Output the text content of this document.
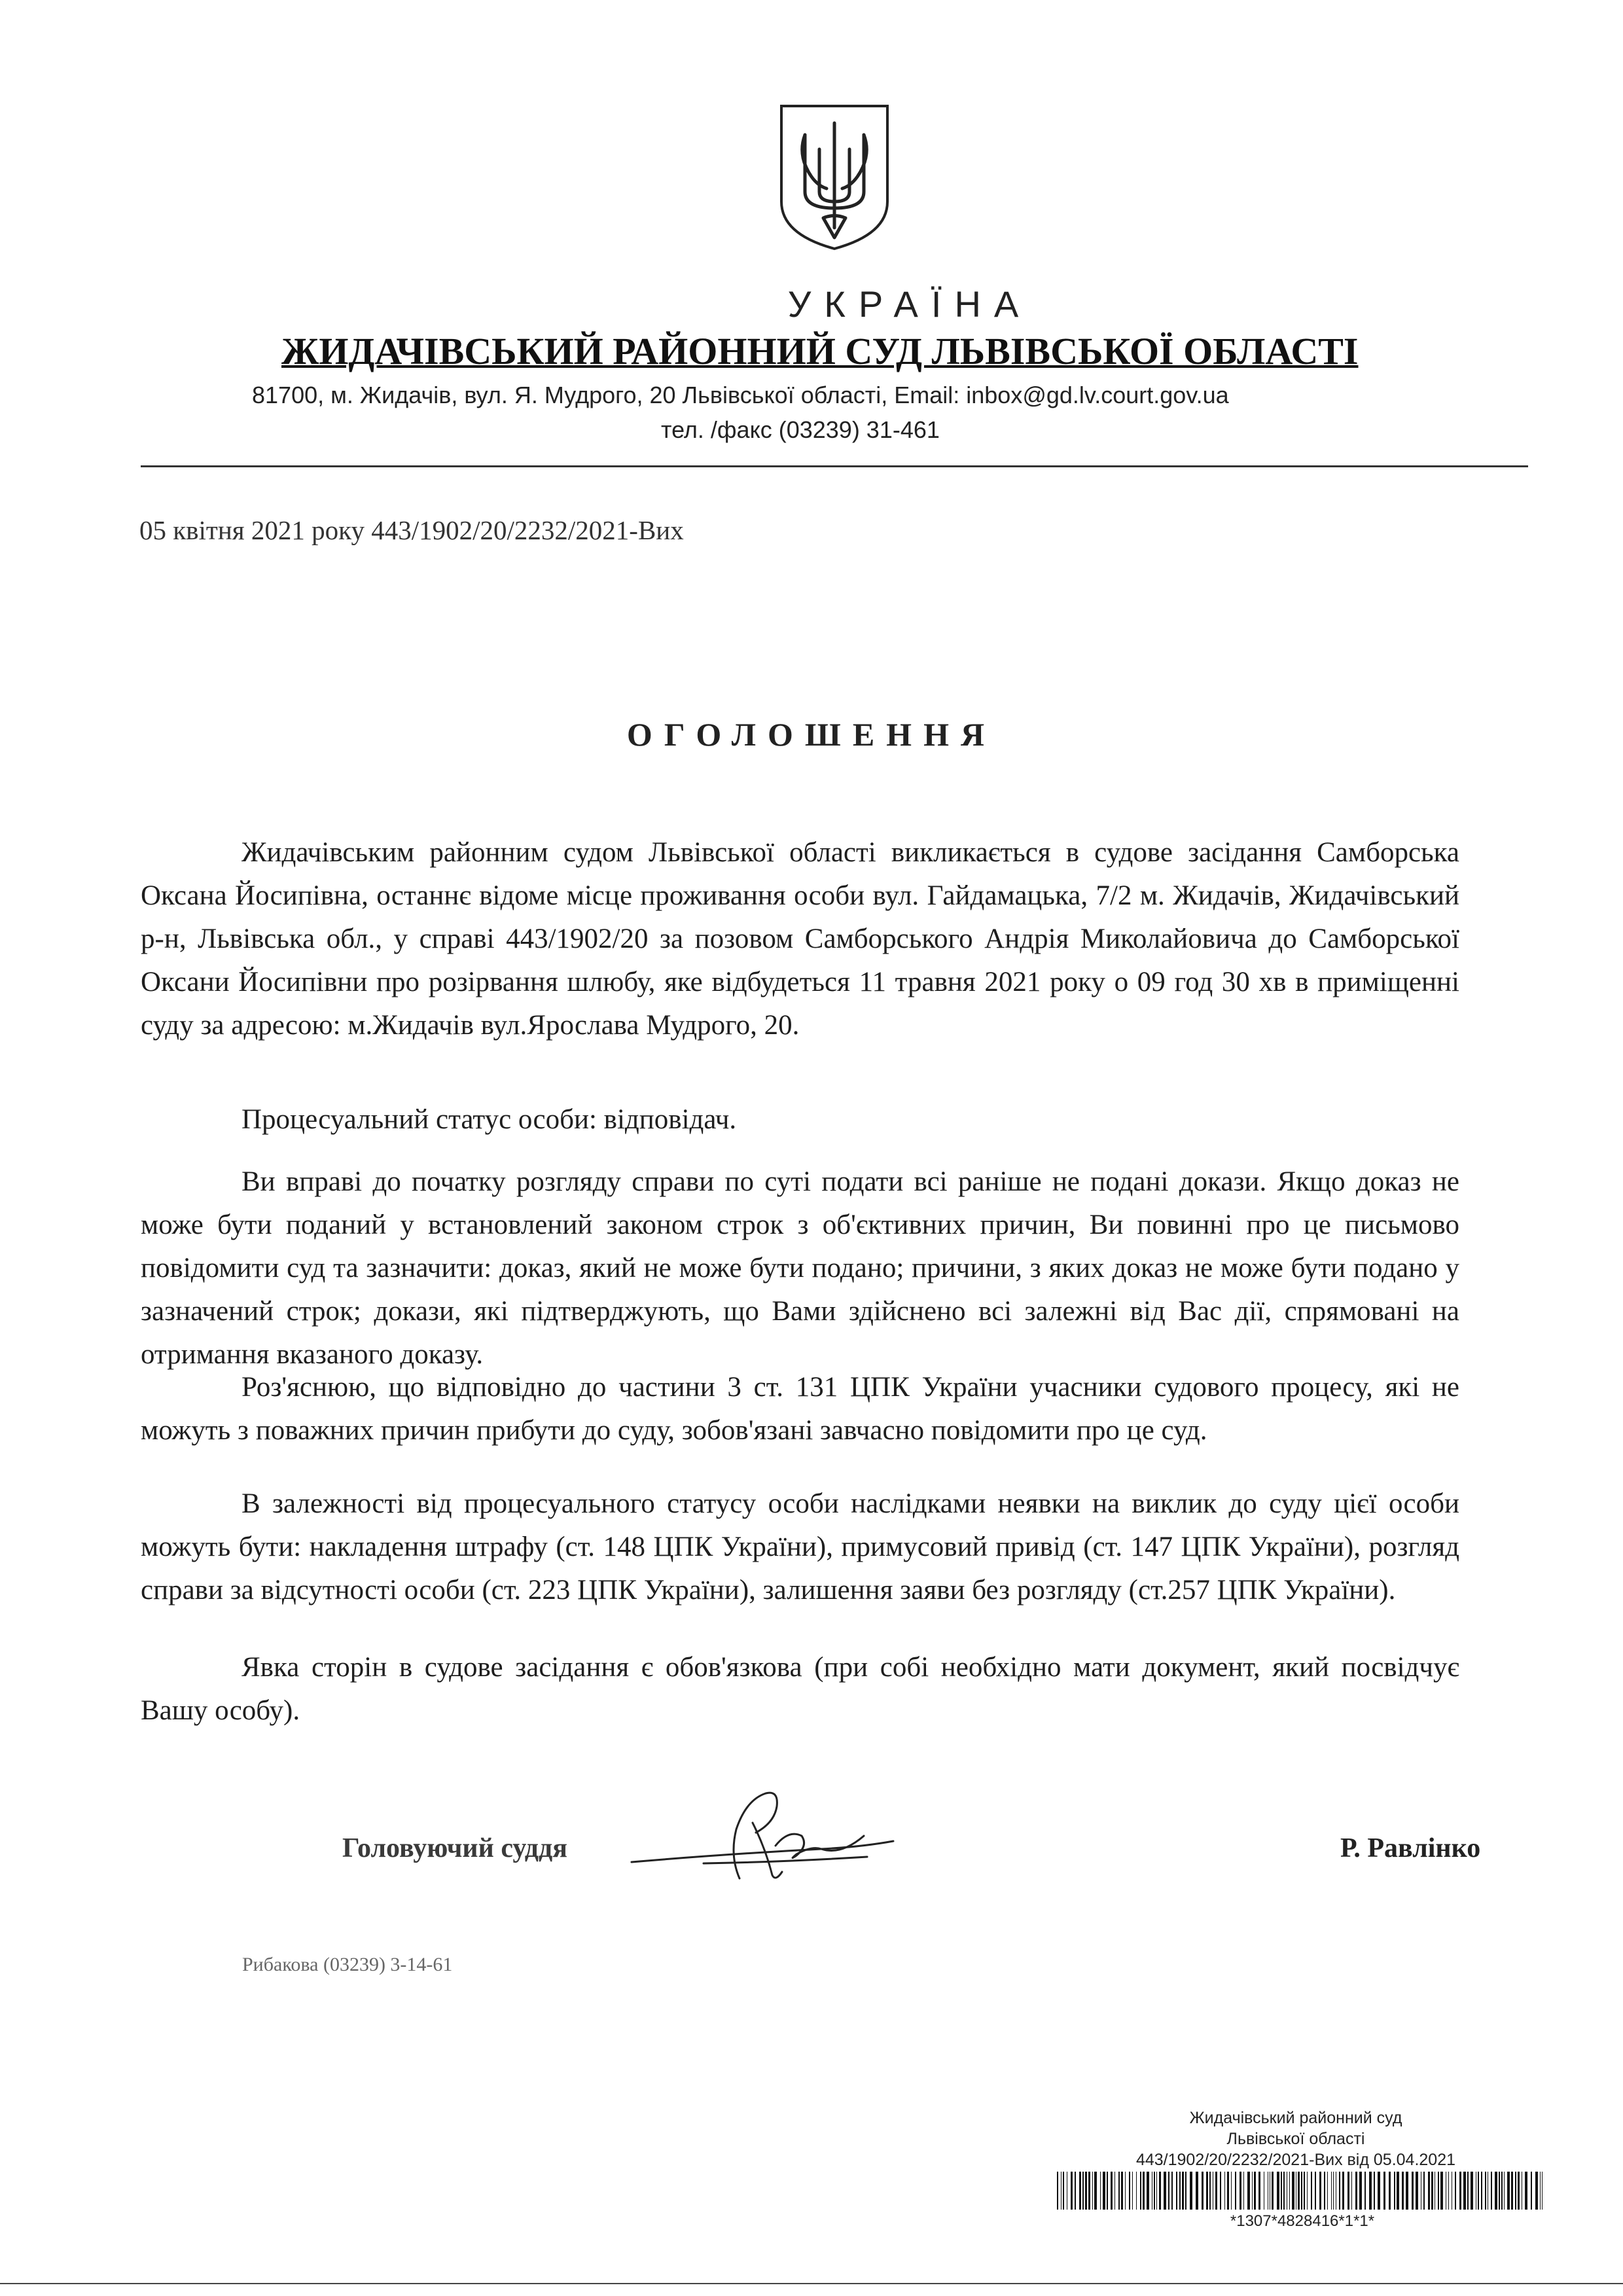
УКРАЇНА
ЖИДАЧІВСЬКИЙ РАЙОННИЙ СУД ЛЬВІВСЬКОЇ ОБЛАСТІ
81700, м. Жидачів, вул. Я. Мудрого, 20 Львівської області, Email: inbox@gd.lv.court.gov.ua
тел. /факс (03239) 31-461
05 квітня 2021 року 443/1902/20/2232/2021-Вих
ОГОЛОШЕННЯ

Жидачівським районним судом Львівської області викликається в судове засідання Самборська Оксана Йосипівна, останнє відоме місце проживання особи вул. Гайдамацька, 7/2 м. Жидачів, Жидачівський р-н, Львівська обл., у справі 443/1902/20 за позовом Самборського Андрія Миколайовича до Самборської Оксани Йосипівни про розірвання шлюбу, яке відбудеться 11 травня 2021 року о 09 год 30 хв в приміщенні суду за адресою: м.Жидачів вул.Ярослава Мудрого, 20.

Процесуальний статус особи: відповідач.

Ви вправі до початку розгляду справи по суті подати всі раніше не подані докази. Якщо доказ не може бути поданий у встановлений законом строк з об'єктивних причин, Ви повинні про це письмово повідомити суд та зазначити: доказ, який не може бути подано; причини, з яких доказ не може бути подано у зазначений строк; докази, які підтверджують, що Вами здійснено всі залежні від Вас дії, спрямовані на отримання вказаного доказу.

Роз'яснюю, що відповідно до частини 3 ст. 131 ЦПК України учасники судового процесу, які не можуть з поважних причин прибути до суду, зобов'язані завчасно повідомити про це суд.

В залежності від процесуального статусу особи наслідками неявки на виклик до суду цієї особи можуть бути: накладення штрафу (ст. 148 ЦПК України), примусовий привід (ст. 147 ЦПК України), розгляд справи за відсутності особи (ст. 223 ЦПК України), залишення заяви без розгляду (ст.257 ЦПК України).

Явка сторін в судове засідання є обов'язкова (при собі необхідно мати документ, який посвідчує Вашу особу).

Головуючий суддя	Р. Равлінко
Рибакова (03239) 3-14-61
Жидачівський районний суд
Львівської області
443/1902/20/2232/2021-Вих від 05.04.2021
*1307*4828416*1*1*
